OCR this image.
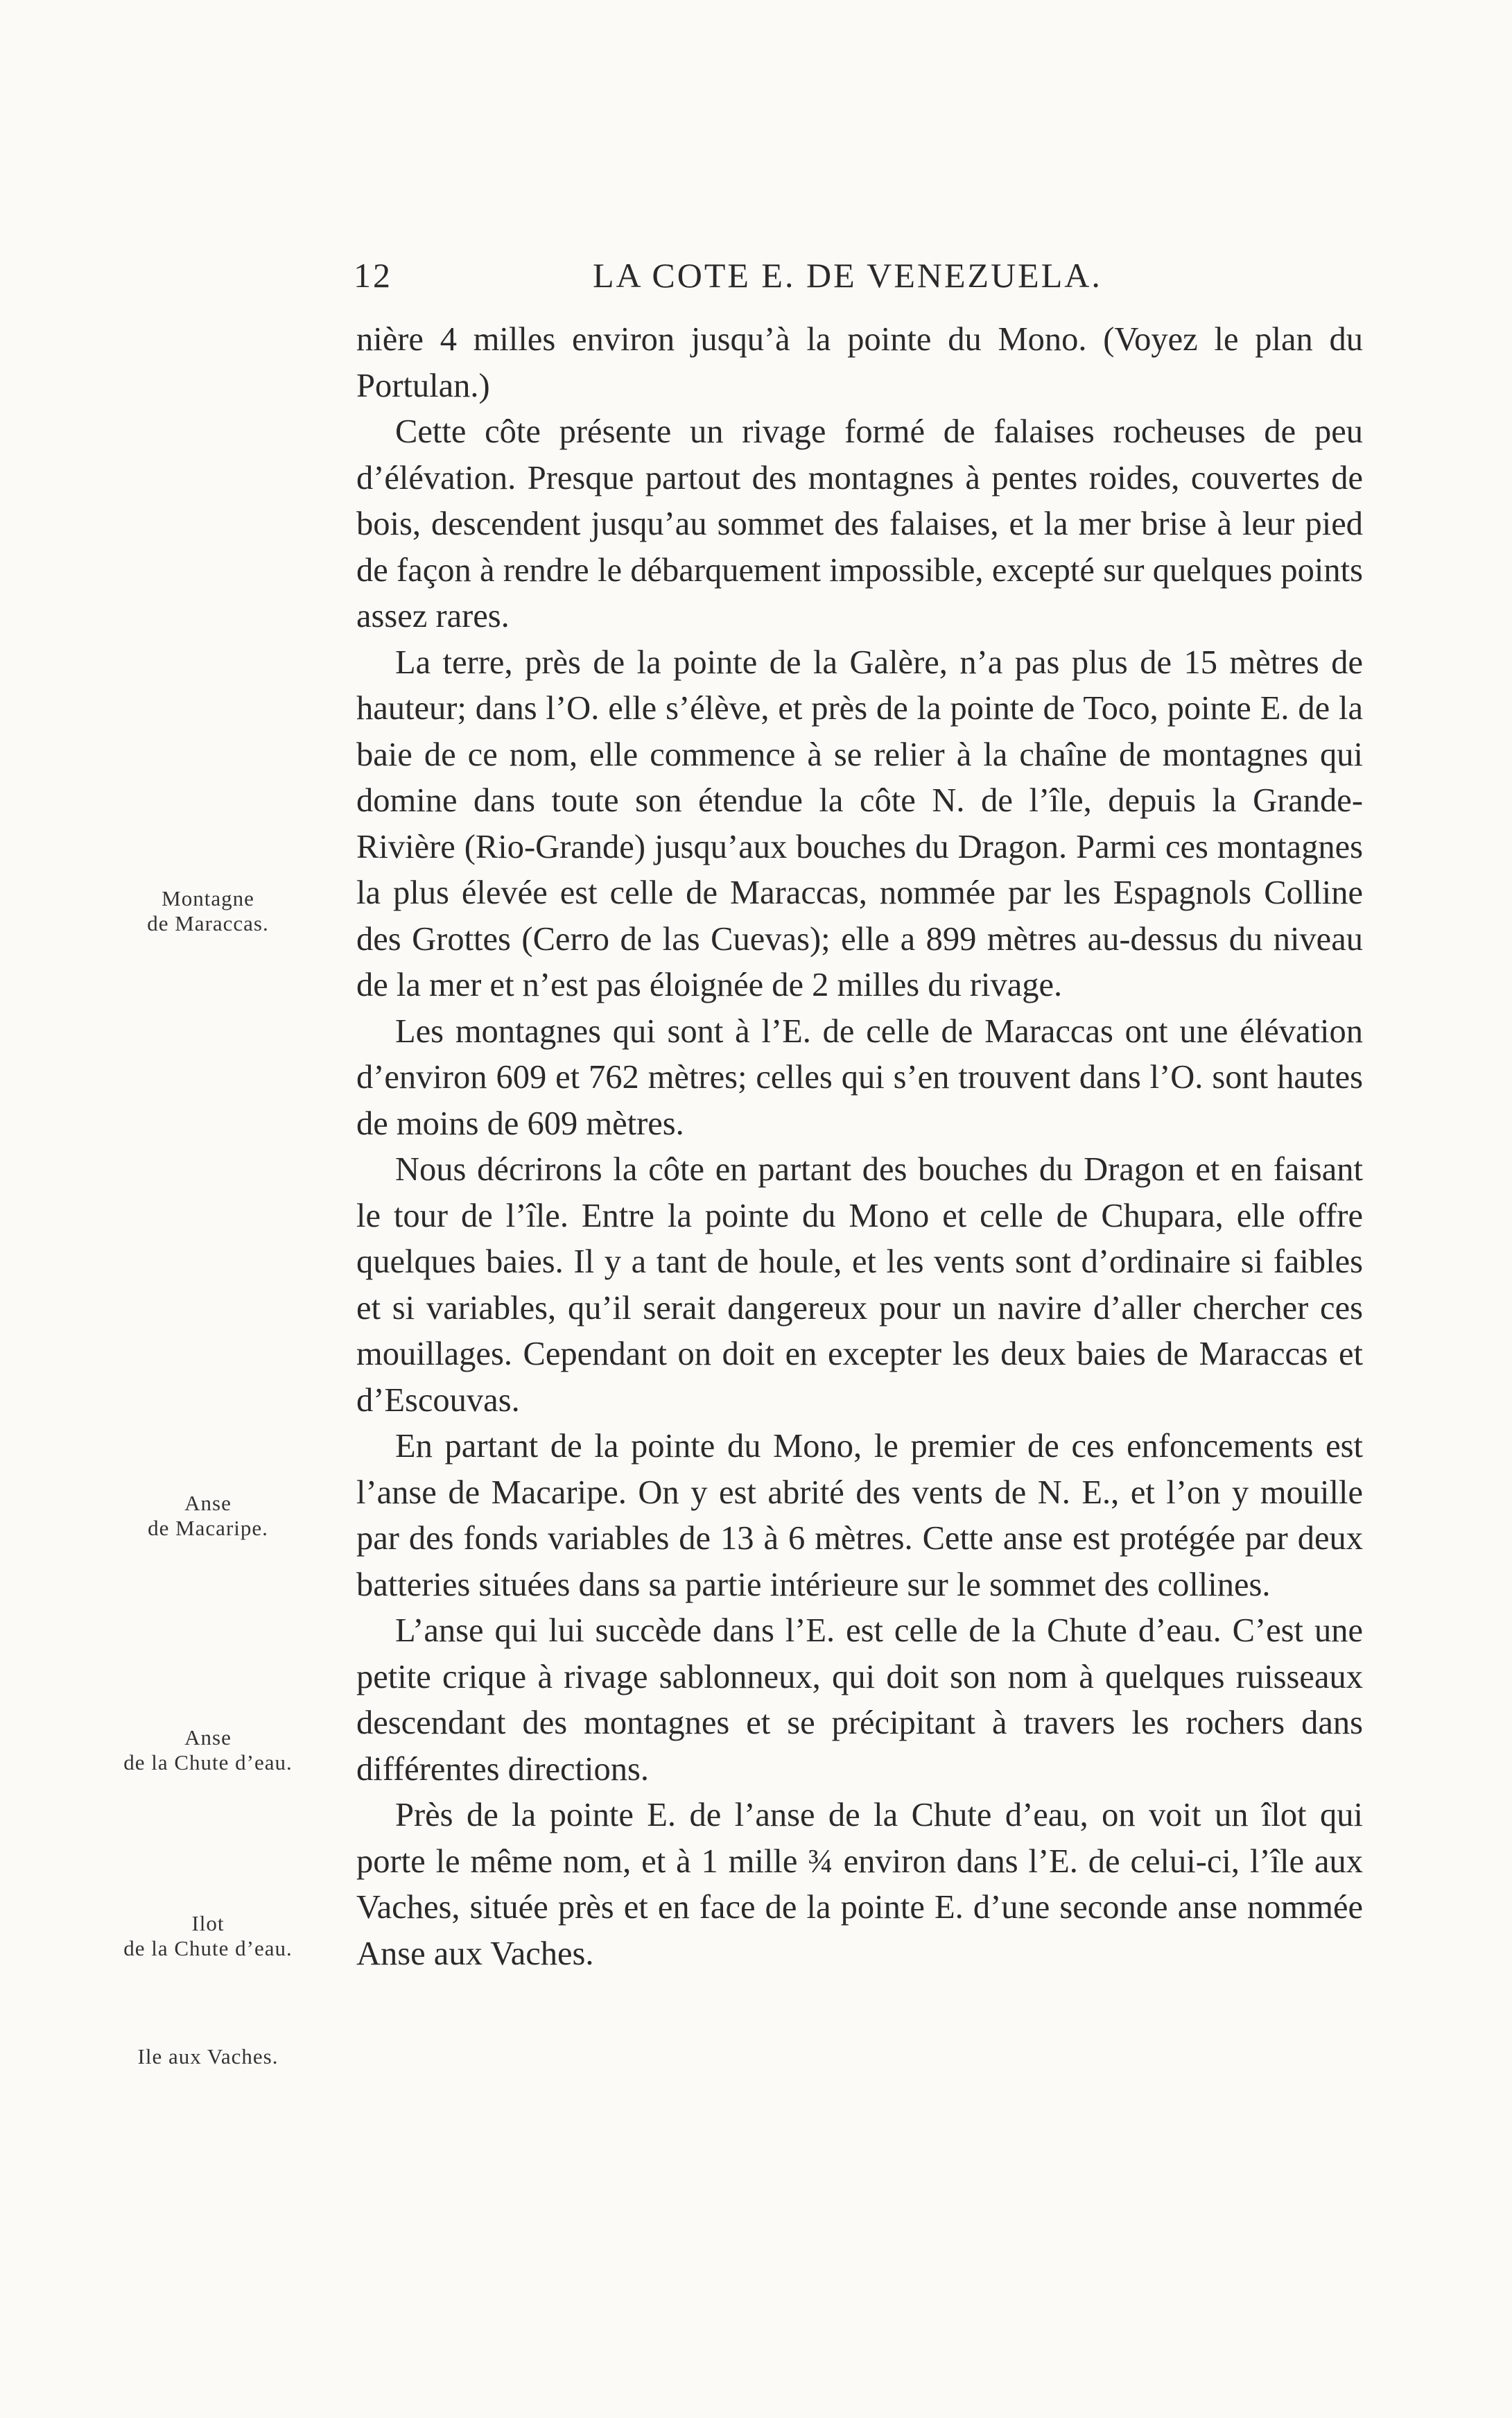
12	LA COTE E. DE VENEZUELA.

nière 4 milles environ jusqu’à la pointe du Mono. (Voyez le plan du Portulan.)

Cette côte présente un rivage formé de falaises rocheuses de peu d’élévation. Presque partout des montagnes à pentes roides, couvertes de bois, descendent jusqu’au sommet des falaises, et la mer brise à leur pied de façon à rendre le débarquement impossible, excepté sur quelques points assez rares.

La terre, près de la pointe de la Galère, n’a pas plus de 15 mètres de hauteur; dans l’O. elle s’élève, et près de la pointe de Toco, pointe E. de la baie de ce nom, elle commence à se relier à la chaîne de montagnes qui domine dans toute son étendue la côte N. de l’île, depuis la Grande-Rivière (Rio-Grande) jusqu’aux bouches du Dragon. Parmi ces montagnes la plus élevée est celle de Maraccas, nommée par les Espagnols Colline des Grottes (Cerro de las Cuevas); elle a 899 mètres au-dessus du niveau de la mer et n’est pas éloignée de 2 milles du rivage.

Les montagnes qui sont à l’E. de celle de Maraccas ont une élévation d’environ 609 et 762 mètres; celles qui s’en trouvent dans l’O. sont hautes de moins de 609 mètres.

Nous décrirons la côte en partant des bouches du Dragon et en faisant le tour de l’île. Entre la pointe du Mono et celle de Chupara, elle offre quelques baies. Il y a tant de houle, et les vents sont d’ordinaire si faibles et si variables, qu’il serait dangereux pour un navire d’aller chercher ces mouillages. Cependant on doit en excepter les deux baies de Maraccas et d’Escouvas.

En partant de la pointe du Mono, le premier de ces enfoncements est l’anse de Macaripe. On y est abrité des vents de N. E., et l’on y mouille par des fonds variables de 13 à 6 mètres. Cette anse est protégée par deux batteries situées dans sa partie intérieure sur le sommet des collines.

L’anse qui lui succède dans l’E. est celle de la Chute d’eau. C’est une petite crique à rivage sablonneux, qui doit son nom à quelques ruisseaux descendant des montagnes et se précipitant à travers les rochers dans différentes directions.

Près de la pointe E. de l’anse de la Chute d’eau, on voit un îlot qui porte le même nom, et à 1 mille ¾ environ dans l’E. de celui-ci, l’île aux Vaches, située près et en face de la pointe E. d’une seconde anse nommée Anse aux Vaches.

Montagne
de Maraccas.
Anse
de Macaripe.
Anse
de la Chute d’eau.
Ilot
de la Chute d’eau.
Ile aux Vaches.
